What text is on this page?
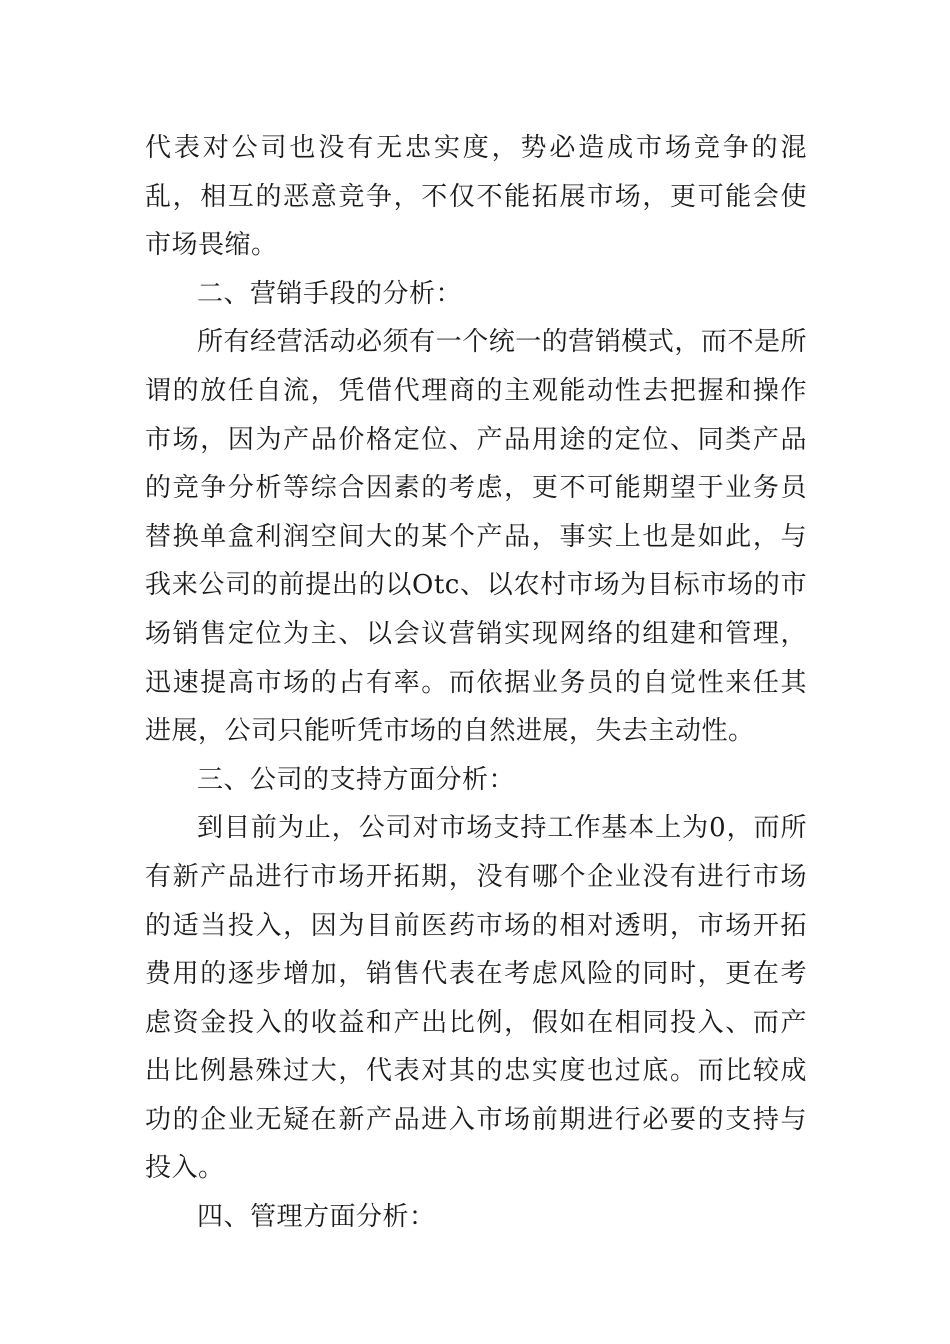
代表对公司也没有无忠实度，势必造成市场竞争的混乱，相互的恶意竞争，不仅不能拓展市场，更可能会使市场畏缩。

二、营销手段的分析：

所有经营活动必须有一个统一的营销模式，而不是所谓的放任自流，凭借代理商的主观能动性去把握和操作市场，因为产品价格定位、产品用途的定位、同类产品的竞争分析等综合因素的考虑，更不可能期望于业务员替换单盒利润空间大的某个产品，事实上也是如此，与我来公司的前提出的以Otc、以农村市场为目标市场的市场销售定位为主、以会议营销实现网络的组建和管理，迅速提高市场的占有率。而依据业务员的自觉性来任其进展，公司只能听凭市场的自然进展，失去主动性。

三、公司的支持方面分析：

到目前为止，公司对市场支持工作基本上为0，而所有新产品进行市场开拓期，没有哪个企业没有进行市场的适当投入，因为目前医药市场的相对透明，市场开拓费用的逐步增加，销售代表在考虑风险的同时，更在考虑资金投入的收益和产出比例，假如在相同投入、而产出比例悬殊过大，代表对其的忠实度也过底。而比较成功的企业无疑在新产品进入市场前期进行必要的支持与投入。

四、管理方面分析：
